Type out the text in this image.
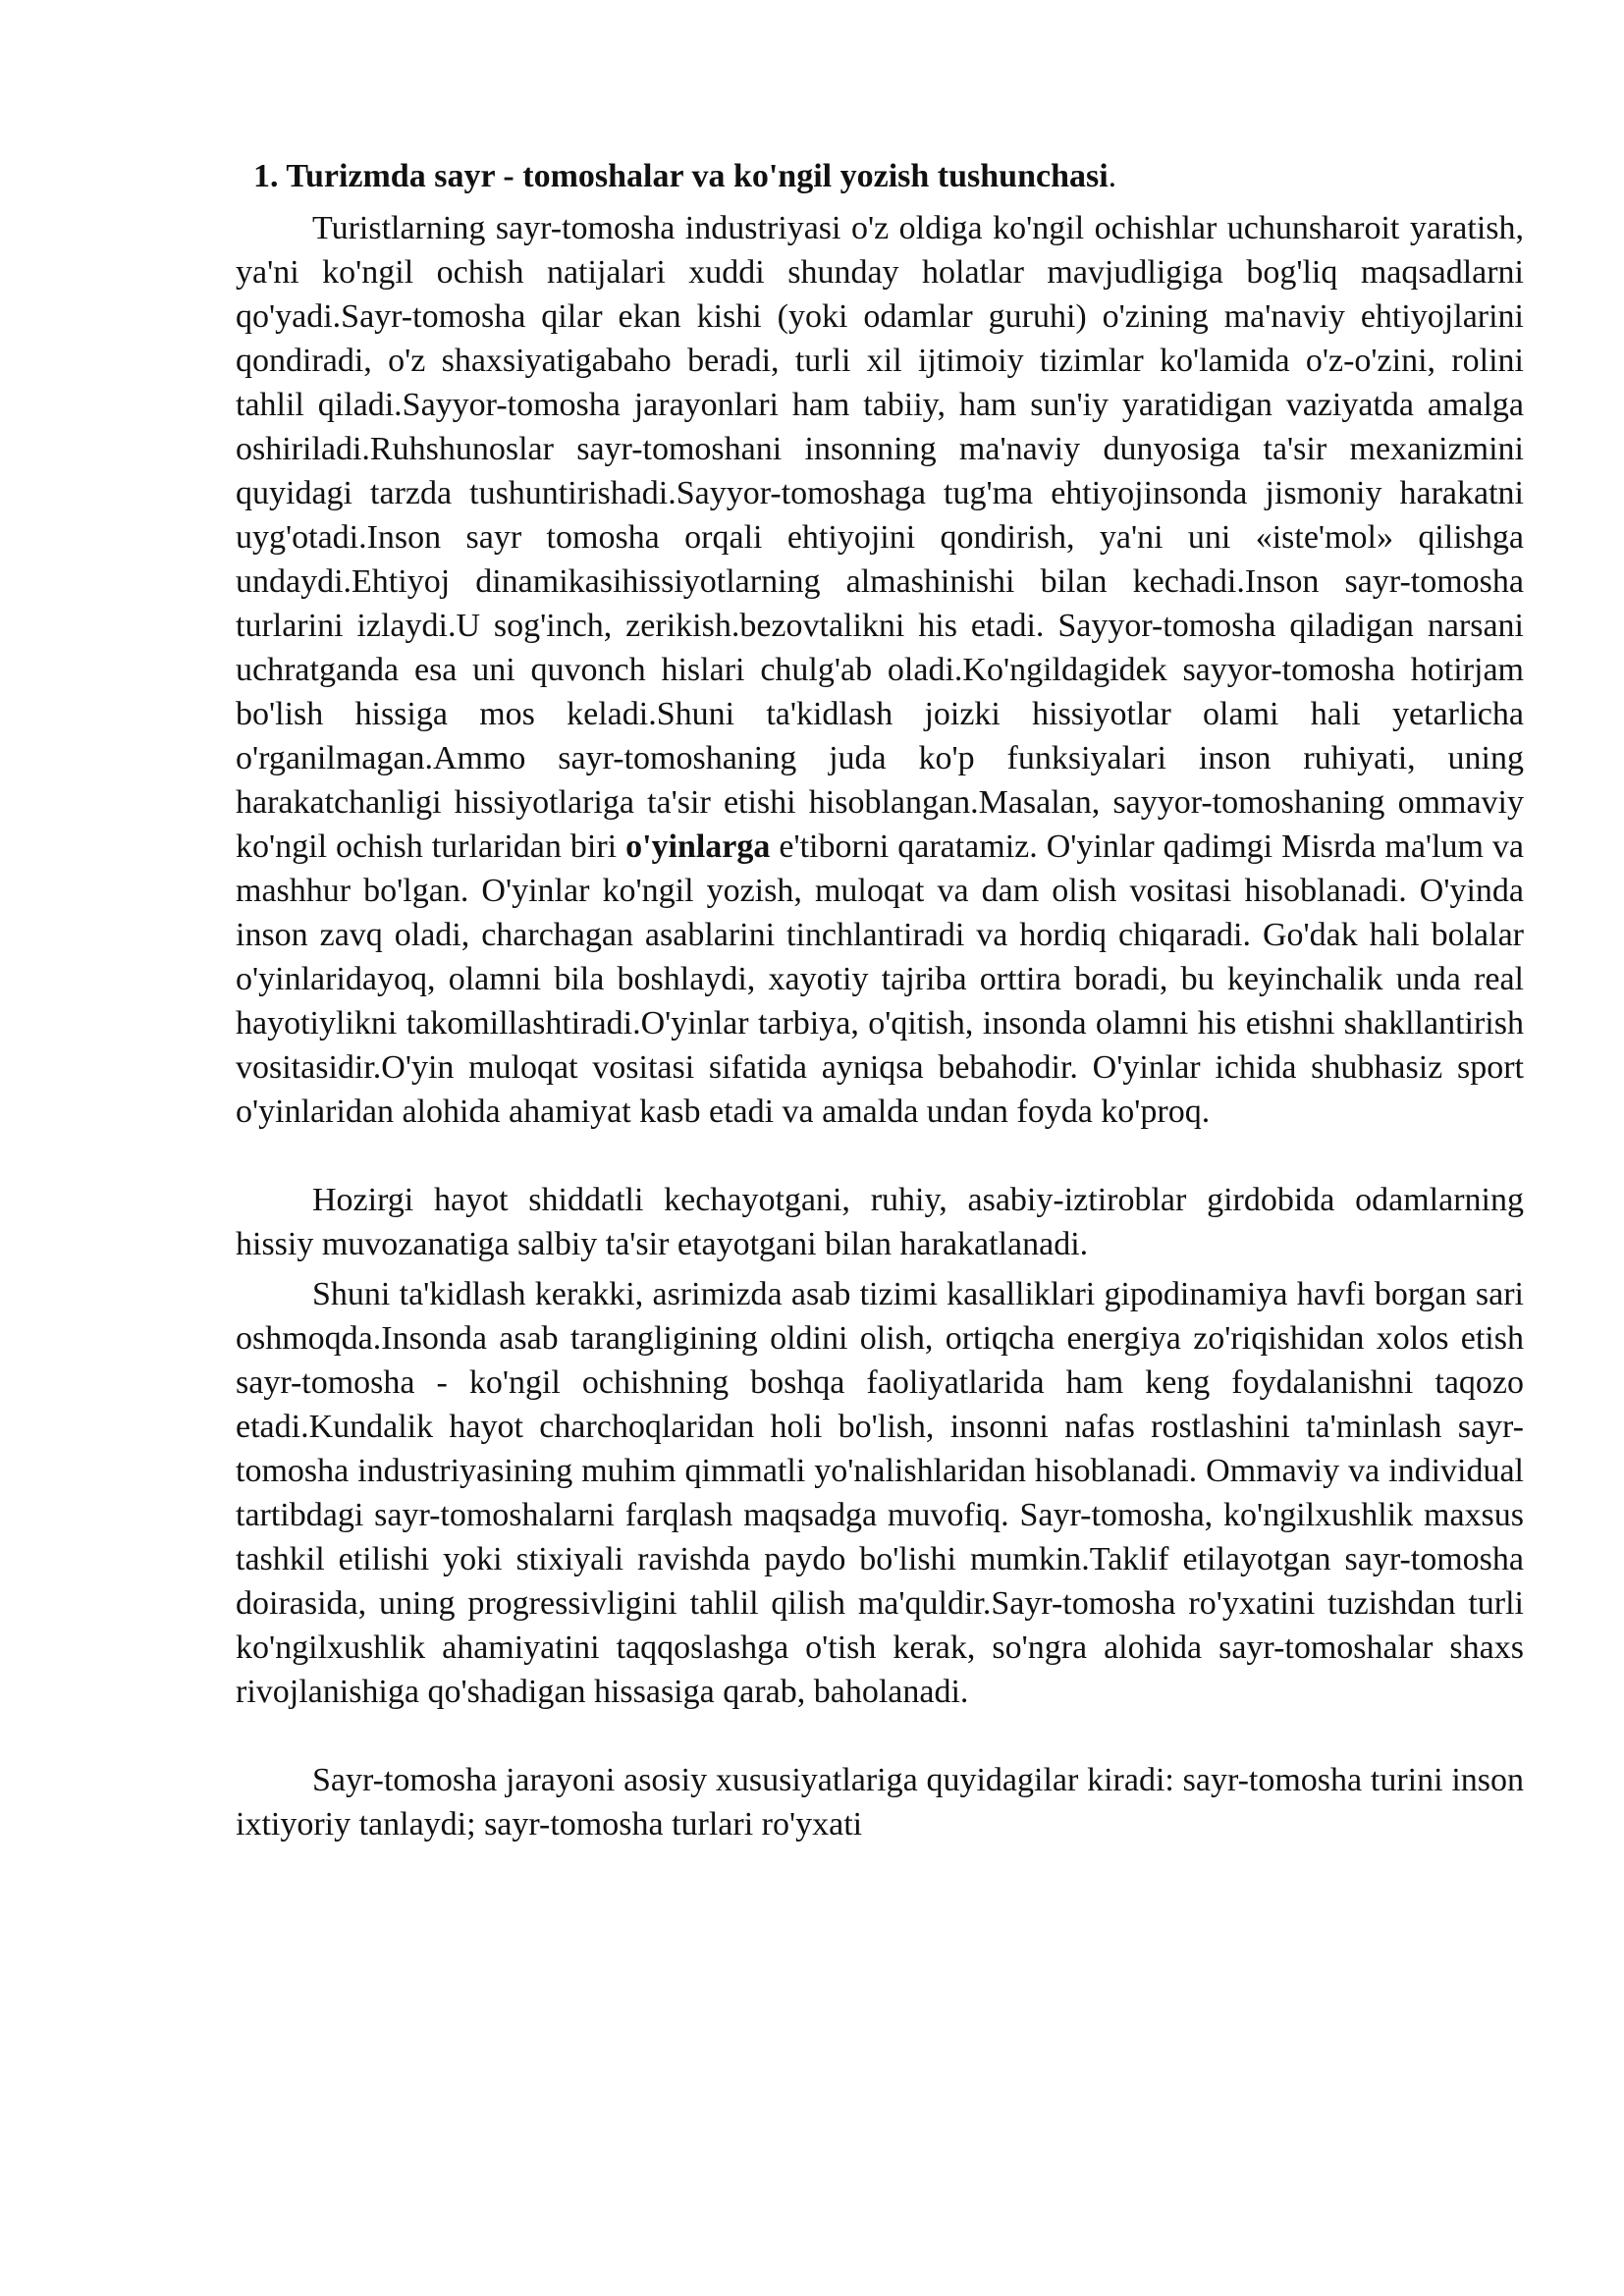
1. Turizmda sayr - tomoshalar va ko'ngil yozish tushunchasi.

Turistlarning sayr-tomosha industriyasi o'z oldiga ko'ngil ochishlar uchunsharoit yaratish, ya'ni ko'ngil ochish natijalari xuddi shunday holatlar mavjudligiga bog'liq maqsadlarni qo'yadi.Sayr-tomosha qilar ekan kishi (yoki odamlar guruhi) o'zining ma'naviy ehtiyojlarini qondiradi, o'z shaxsiyatigabaho beradi, turli xil ijtimoiy tizimlar ko'lamida o'z-o'zini, rolini tahlil qiladi.Sayyor-tomosha jarayonlari ham tabiiy, ham sun'iy yaratidigan vaziyatda amalga oshiriladi.Ruhshunoslar sayr-tomoshani insonning ma'naviy dunyosiga ta'sir mexanizmini quyidagi tarzda tushuntirishadi.Sayyor-tomoshaga tug'ma ehtiyojinsonda jismoniy harakatni uyg'otadi.Inson sayr tomosha orqali ehtiyojini qondirish, ya'ni uni «iste'mol» qilishga undaydi.Ehtiyoj dinamikasihissiyotlarning almashinishi bilan kechadi.Inson sayr-tomosha turlarini izlaydi.U sog'inch, zerikish.bezovtalikni his etadi. Sayyor-tomosha qiladigan narsani uchratganda esa uni quvonch hislari chulg'ab oladi.Ko'ngildagidek sayyor-tomosha hotirjam bo'lish hissiga mos keladi.Shuni ta'kidlash joizki hissiyotlar olami hali yetarlicha o'rganilmagan.Ammo sayr-tomoshaning juda ko'p funksiyalari inson ruhiyati, uning harakatchanligi hissiyotlariga ta'sir etishi hisoblangan.Masalan, sayyor-tomoshaning ommaviy ko'ngil ochish turlaridan biri o'yinlarga e'tiborni qaratamiz. O'yinlar qadimgi Misrda ma'lum va mashhur bo'lgan. O'yinlar ko'ngil yozish, muloqat va dam olish vositasi hisoblanadi. O'yinda inson zavq oladi, charchagan asablarini tinchlantiradi va hordiq chiqaradi. Go'dak hali bolalar o'yinlaridayoq, olamni bila boshlaydi, xayotiy tajriba orttira boradi, bu keyinchalik unda real hayotiylikni takomillashtiradi.O'yinlar tarbiya, o'qitish, insonda olamni his etishni shakllantirish vositasidir.O'yin muloqat vositasi sifatida ayniqsa bebahodir. O'yinlar ichida shubhasiz sport o'yinlaridan alohida ahamiyat kasb etadi va amalda undan foyda ko'proq.

Hozirgi hayot shiddatli kechayotgani, ruhiy, asabiy-iztiroblar girdobida odamlarning hissiy muvozanatiga salbiy ta'sir etayotgani bilan harakatlanadi.

Shuni ta'kidlash kerakki, asrimizda asab tizimi kasalliklari gipodinamiya havfi borgan sari oshmoqda.Insonda asab tarangligining oldini olish, ortiqcha energiya zo'riqishidan xolos etish sayr-tomosha - ko'ngil ochishning boshqa faoliyatlarida ham keng foydalanishni taqozo etadi.Kundalik hayot charchoqlaridan holi bo'lish, insonni nafas rostlashini ta'minlash sayr-tomosha industriyasining muhim qimmatli yo'nalishlaridan hisoblanadi. Ommaviy va individual tartibdagi sayr-tomoshalarni farqlash maqsadga muvofiq. Sayr-tomosha, ko'ngilxushlik maxsus tashkil etilishi yoki stixiyali ravishda paydo bo'lishi mumkin.Taklif etilayotgan sayr-tomosha doirasida, uning progressivligini tahlil qilish ma'quldir.Sayr-tomosha ro'yxatini tuzishdan turli ko'ngilxushlik ahamiyatini taqqoslashga o'tish kerak, so'ngra alohida sayr-tomoshalar shaxs rivojlanishiga qo'shadigan hissasiga qarab, baholanadi.

Sayr-tomosha jarayoni asosiy xususiyatlariga quyidagilar kiradi: sayr-tomosha turini inson ixtiyoriy tanlaydi; sayr-tomosha turlari ro'yxati
